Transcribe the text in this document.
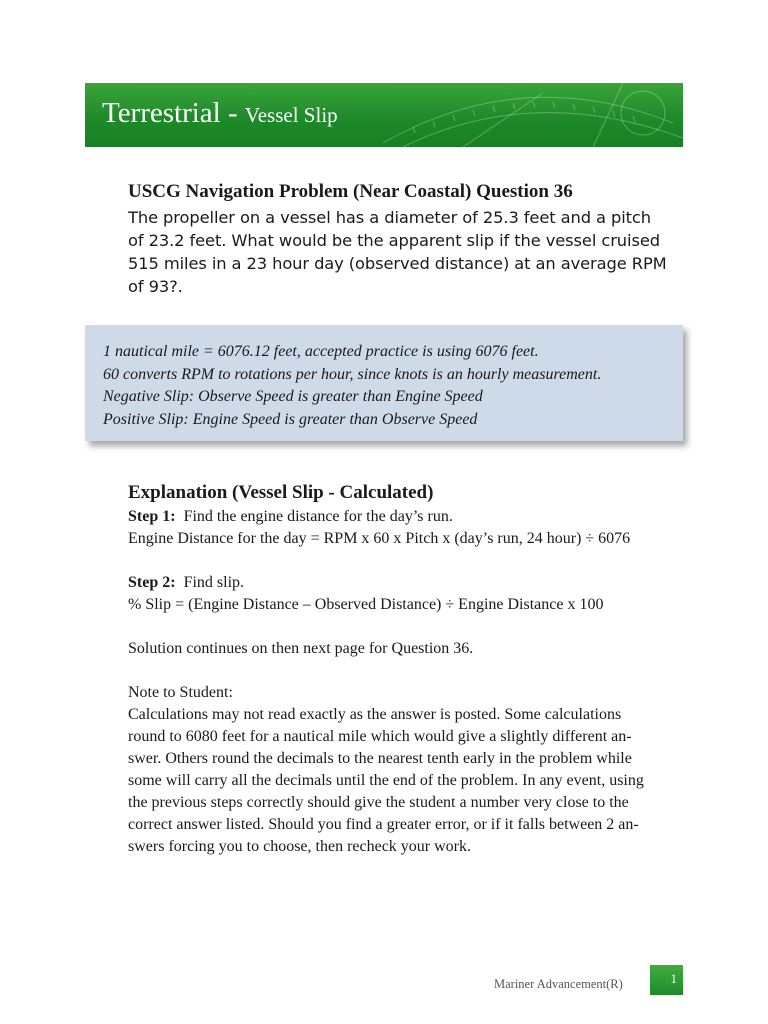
Terrestrial - Vessel Slip
USCG Navigation Problem (Near Coastal) Question 36
The propeller on a vessel has a diameter of 25.3 feet and a pitch
of 23.2 feet. What would be the apparent slip if the vessel cruised
515 miles in a 23 hour day (observed distance) at an average RPM
of 93?.
1 nautical mile = 6076.12 feet, accepted practice is using 6076 feet.
60 converts RPM to rotations per hour, since knots is an hourly measurement.
Negative Slip: Observe Speed is greater than Engine Speed
Positive Slip: Engine Speed is greater than Observe Speed
Explanation (Vessel Slip - Calculated)
Step 1: Find the engine distance for the day’s run.
Engine Distance for the day = RPM x 60 x Pitch x (day’s run, 24 hour) ÷ 6076
Step 2: Find slip.
% Slip = (Engine Distance – Observed Distance) ÷ Engine Distance x 100
Solution continues on then next page for Question 36.
Note to Student:
Calculations may not read exactly as the answer is posted. Some calculations
round to 6080 feet for a nautical mile which would give a slightly different an-
swer. Others round the decimals to the nearest tenth early in the problem while
some will carry all the decimals until the end of the problem. In any event, using
the previous steps correctly should give the student a number very close to the
correct answer listed. Should you find a greater error, or if it falls between 2 an-
swers forcing you to choose, then recheck your work.
Mariner Advancement(R)	1
